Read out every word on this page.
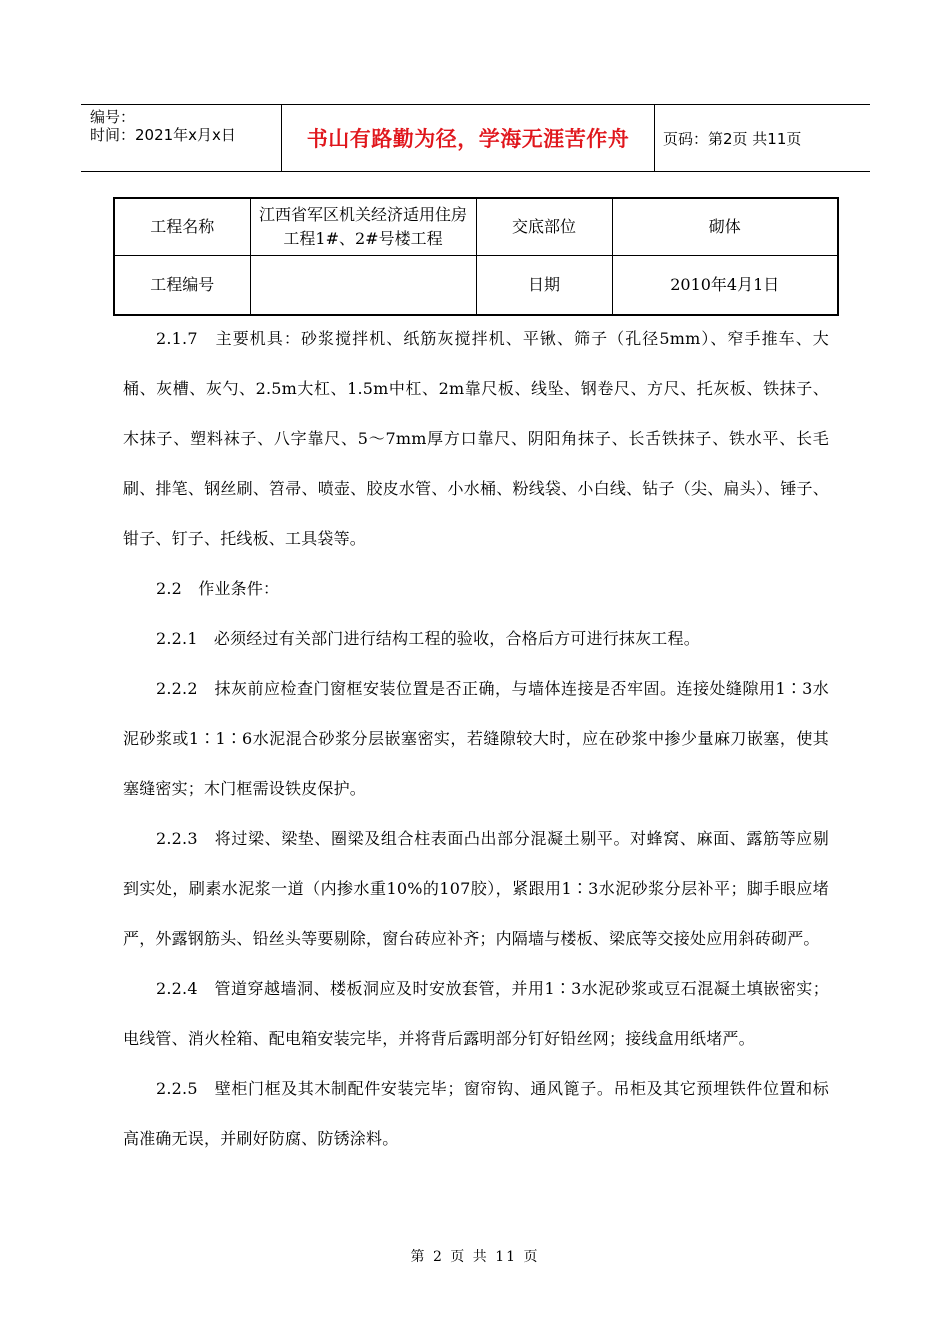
编号：
时间：2021年x月x日	书山有路勤为径，学海无涯苦作舟	页码：第2页 共11页
工程名称	江西省军区机关经济适用住房工程1#、2#号楼工程	交底部位	砌体
工程编号		日期	2010年4月1日

2.1.7　主要机具：砂浆搅拌机、纸筋灰搅拌机、平锹、筛子（孔径5mm）、窄手推车、大桶、灰槽、灰勺、2.5m大杠、1.5m中杠、2m靠尺板、线坠、钢卷尺、方尺、托灰板、铁抹子、木抹子、塑料袜子、八字靠尺、5～7mm厚方口靠尺、阴阳角抹子、长舌铁抹子、铁水平、长毛刷、排笔、钢丝刷、笤帚、喷壶、胶皮水管、小水桶、粉线袋、小白线、钻子（尖、扁头）、锤子、钳子、钉子、托线板、工具袋等。

2.2　作业条件：

2.2.1　必须经过有关部门进行结构工程的验收，合格后方可进行抹灰工程。

2.2.2　抹灰前应检查门窗框安装位置是否正确，与墙体连接是否牢固。连接处缝隙用1∶3水泥砂浆或1∶1∶6水泥混合砂浆分层嵌塞密实，若缝隙较大时，应在砂浆中掺少量麻刀嵌塞，使其塞缝密实；木门框需设铁皮保护。

2.2.3　将过梁、梁垫、圈梁及组合柱表面凸出部分混凝土剔平。对蜂窝、麻面、露筋等应剔到实处，刷素水泥浆一道（内掺水重10%的107胶），紧跟用1∶3水泥砂浆分层补平；脚手眼应堵严，外露钢筋头、铅丝头等要剔除，窗台砖应补齐；内隔墙与楼板、梁底等交接处应用斜砖砌严。

2.2.4　管道穿越墙洞、楼板洞应及时安放套管，并用1∶3水泥砂浆或豆石混凝土填嵌密实；电线管、消火栓箱、配电箱安装完毕，并将背后露明部分钉好铅丝网；接线盒用纸堵严。

2.2.5　壁柜门框及其木制配件安装完毕；窗帘钩、通风篦子。吊柜及其它预埋铁件位置和标高准确无误，并刷好防腐、防锈涂料。

第 2 页 共 11 页
